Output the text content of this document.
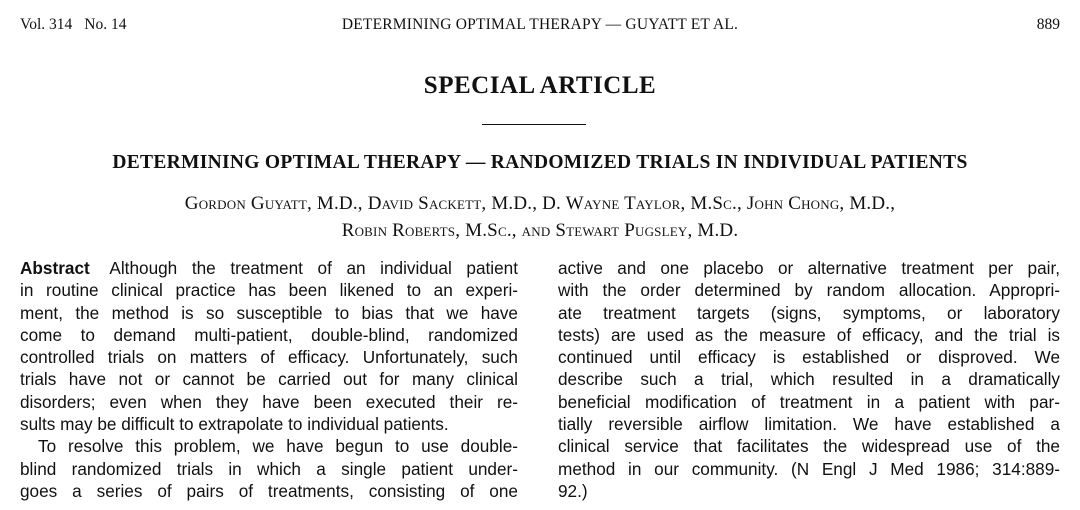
Vol. 314 No. 14	DETERMINING OPTIMAL THERAPY — GUYATT ET AL.	889
SPECIAL ARTICLE
DETERMINING OPTIMAL THERAPY — RANDOMIZED TRIALS IN INDIVIDUAL PATIENTS
Gordon Guyatt, M.D., David Sackett, M.D., D. Wayne Taylor, M.Sc., John Chong, M.D.,
Robin Roberts, M.Sc., and Stewart Pugsley, M.D.
Abstract Although the treatment of an individual patient
in routine clinical practice has been likened to an experi-
ment, the method is so susceptible to bias that we have
come to demand multi-patient, double-blind, randomized
controlled trials on matters of efficacy. Unfortunately, such
trials have not or cannot be carried out for many clinical
disorders; even when they have been executed their re-
sults may be difficult to extrapolate to individual patients.
To resolve this problem, we have begun to use double-
blind randomized trials in which a single patient under-
goes a series of pairs of treatments, consisting of one
active and one placebo or alternative treatment per pair,
with the order determined by random allocation. Appropri-
ate treatment targets (signs, symptoms, or laboratory
tests) are used as the measure of efficacy, and the trial is
continued until efficacy is established or disproved. We
describe such a trial, which resulted in a dramatically
beneficial modification of treatment in a patient with par-
tially reversible airflow limitation. We have established a
clinical service that facilitates the widespread use of the
method in our community. (N Engl J Med 1986; 314:889-
92.)
